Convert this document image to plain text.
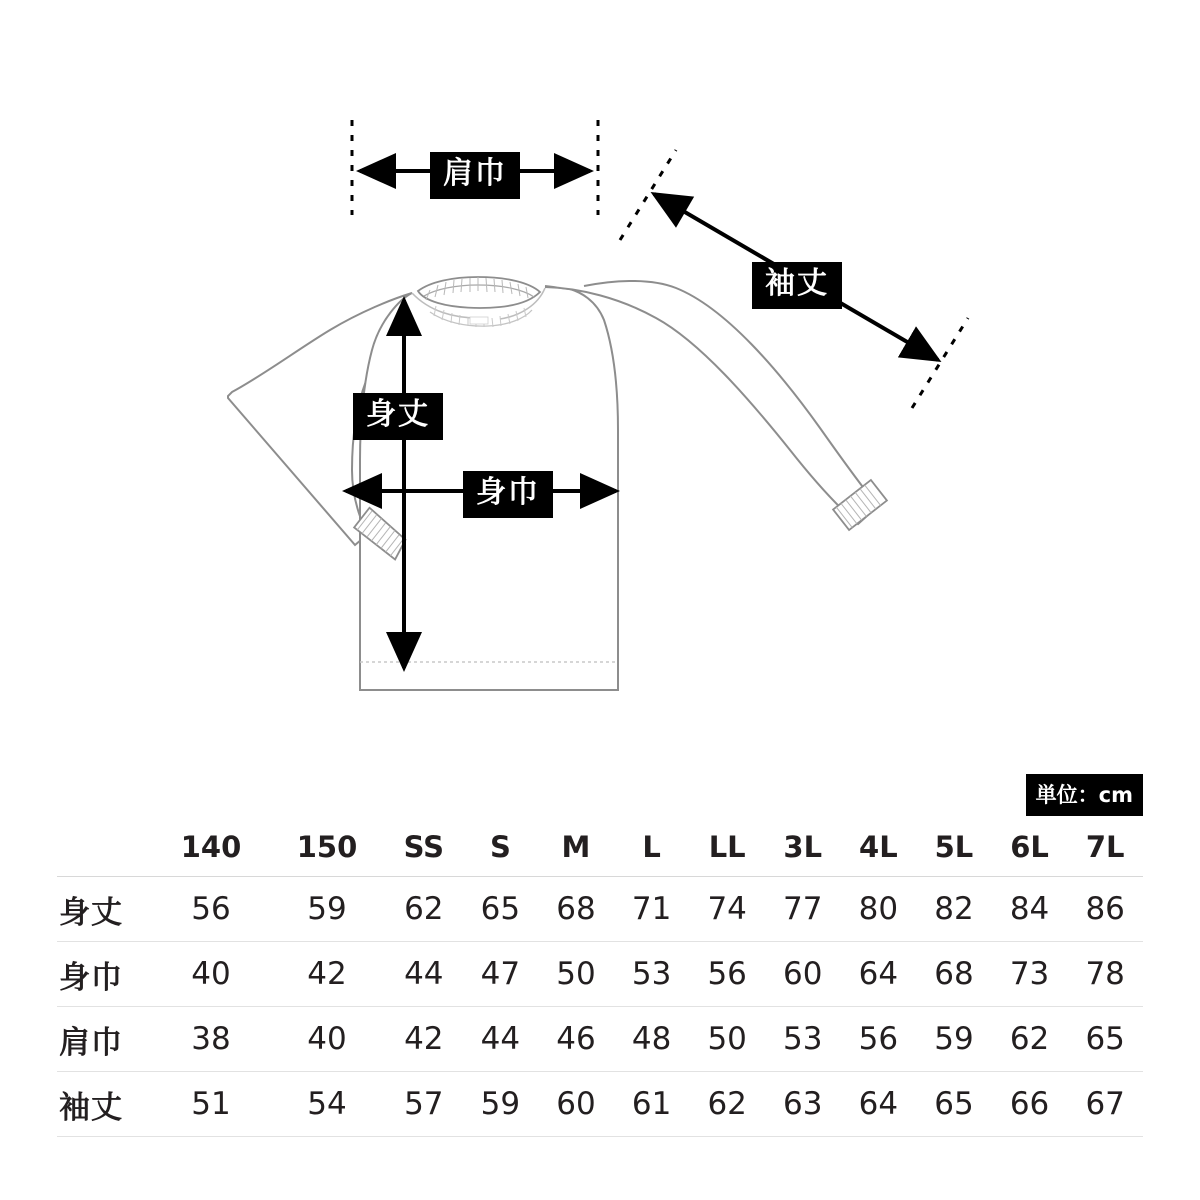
肩巾
袖丈
身丈
身巾
単位：cm
	140	150	SS	S	M	L	LL	3L	4L	5L	6L	7L
身丈	56	59	62	65	68	71	74	77	80	82	84	86
身巾	40	42	44	47	50	53	56	60	64	68	73	78
肩巾	38	40	42	44	46	48	50	53	56	59	62	65
袖丈	51	54	57	59	60	61	62	63	64	65	66	67
